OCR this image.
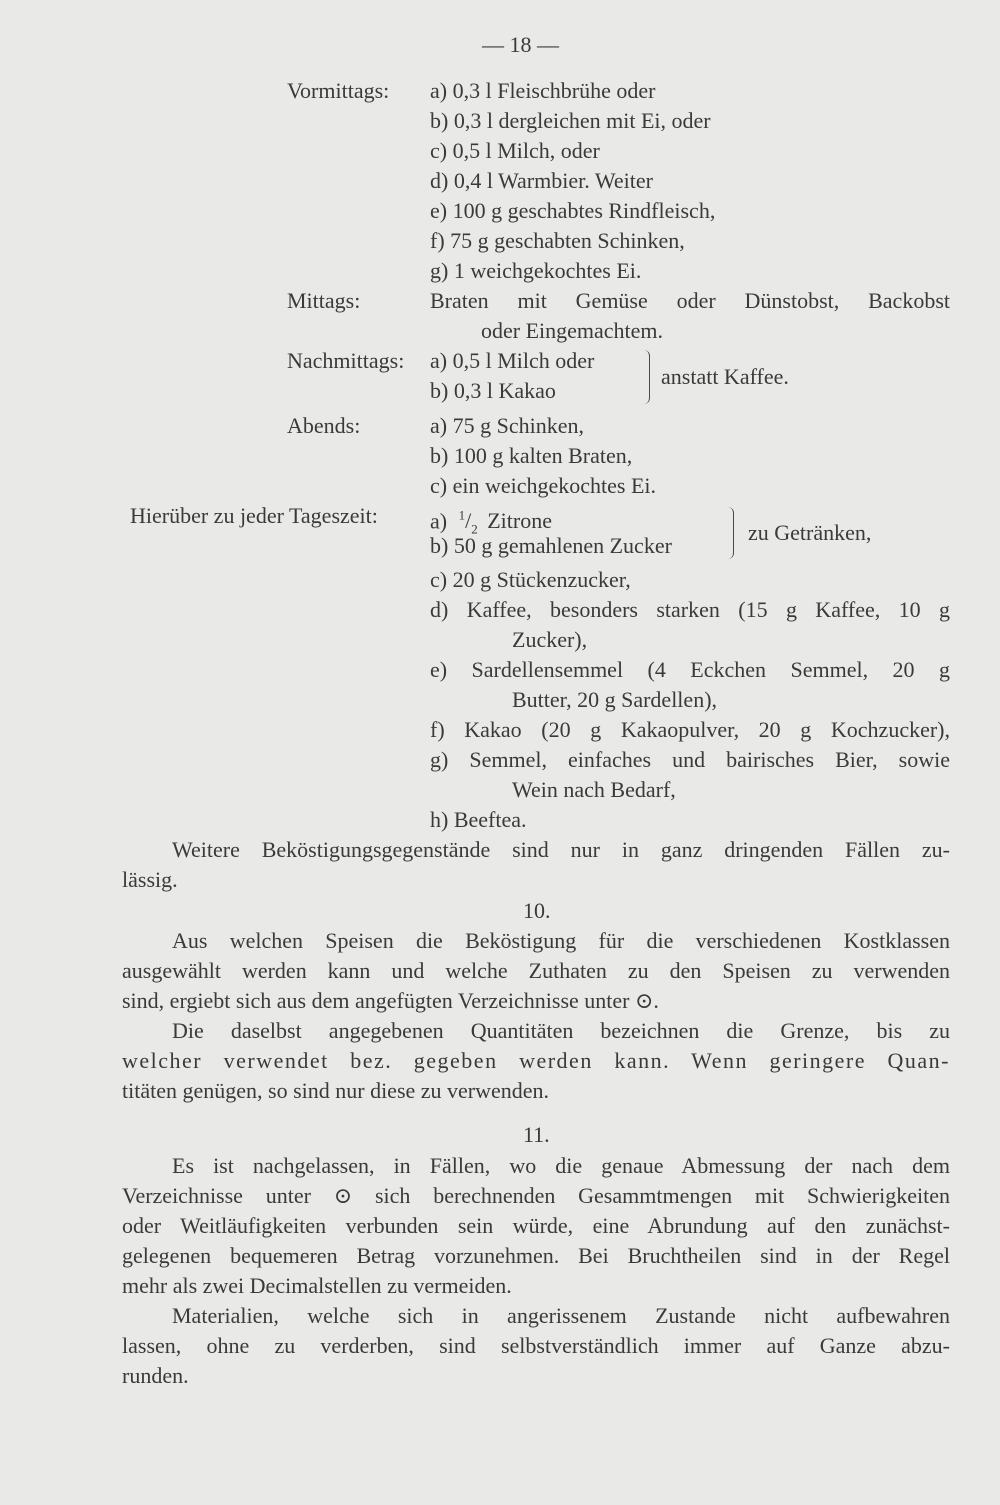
— 18 —
Vormittags: a) 0,3 l Fleischbrühe oder
b) 0,3 l dergleichen mit Ei, oder
c) 0,5 l Milch, oder
d) 0,4 l Warmbier. Weiter
e) 100 g geschabtes Rindfleisch,
f) 75 g geschabten Schinken,
g) 1 weichgekochtes Ei.
Mittags:	Braten mit Gemüse oder Dünstobst, Backobst
oder Eingemachtem.
Nachmittags: a) 0,5 l Milch oder
b) 0,3 l Kakao
anstatt Kaffee.
Abends:	a) 75 g Schinken,
b) 100 g kalten Braten,
c) ein weichgekochtes Ei.
Hierüber zu jeder Tageszeit: a) $^1/_2$ Zitrone
b) 50 g gemahlenen Zucker
zu Getränken,
c) 20 g Stückenzucker,
d) Kaffee, besonders starken (15 g Kaffee, 10 g
Zucker),
e) Sardellensemmel (4 Eckchen Semmel, 20 g
Butter, 20 g Sardellen),
f) Kakao (20 g Kakaopulver, 20 g Kochzucker),
g) Semmel, einfaches und bairisches Bier, sowie
Wein nach Bedarf,
h) Beeftea.
Weitere Beköstigungsgegenstände sind nur in ganz dringenden Fällen zu-
lässig.
10.
Aus welchen Speisen die Beköstigung für die verschiedenen Kostklassen
ausgewählt werden kann und welche Zuthaten zu den Speisen zu verwenden
sind, ergiebt sich aus dem angefügten Verzeichnisse unter ⊙.
Die daselbst angegebenen Quantitäten bezeichnen die Grenze, bis zu
welcher verwendet bez. gegeben werden kann. Wenn geringere Quan-
titäten genügen, so sind nur diese zu verwenden.
11.
Es ist nachgelassen, in Fällen, wo die genaue Abmessung der nach dem
Verzeichnisse unter ⊙ sich berechnenden Gesammtmengen mit Schwierigkeiten
oder Weitläufigkeiten verbunden sein würde, eine Abrundung auf den zunächst-
gelegenen bequemeren Betrag vorzunehmen. Bei Bruchtheilen sind in der Regel
mehr als zwei Decimalstellen zu vermeiden.
Materialien, welche sich in angerissenem Zustande nicht aufbewahren
lassen, ohne zu verderben, sind selbstverständlich immer auf Ganze abzu-
runden.
